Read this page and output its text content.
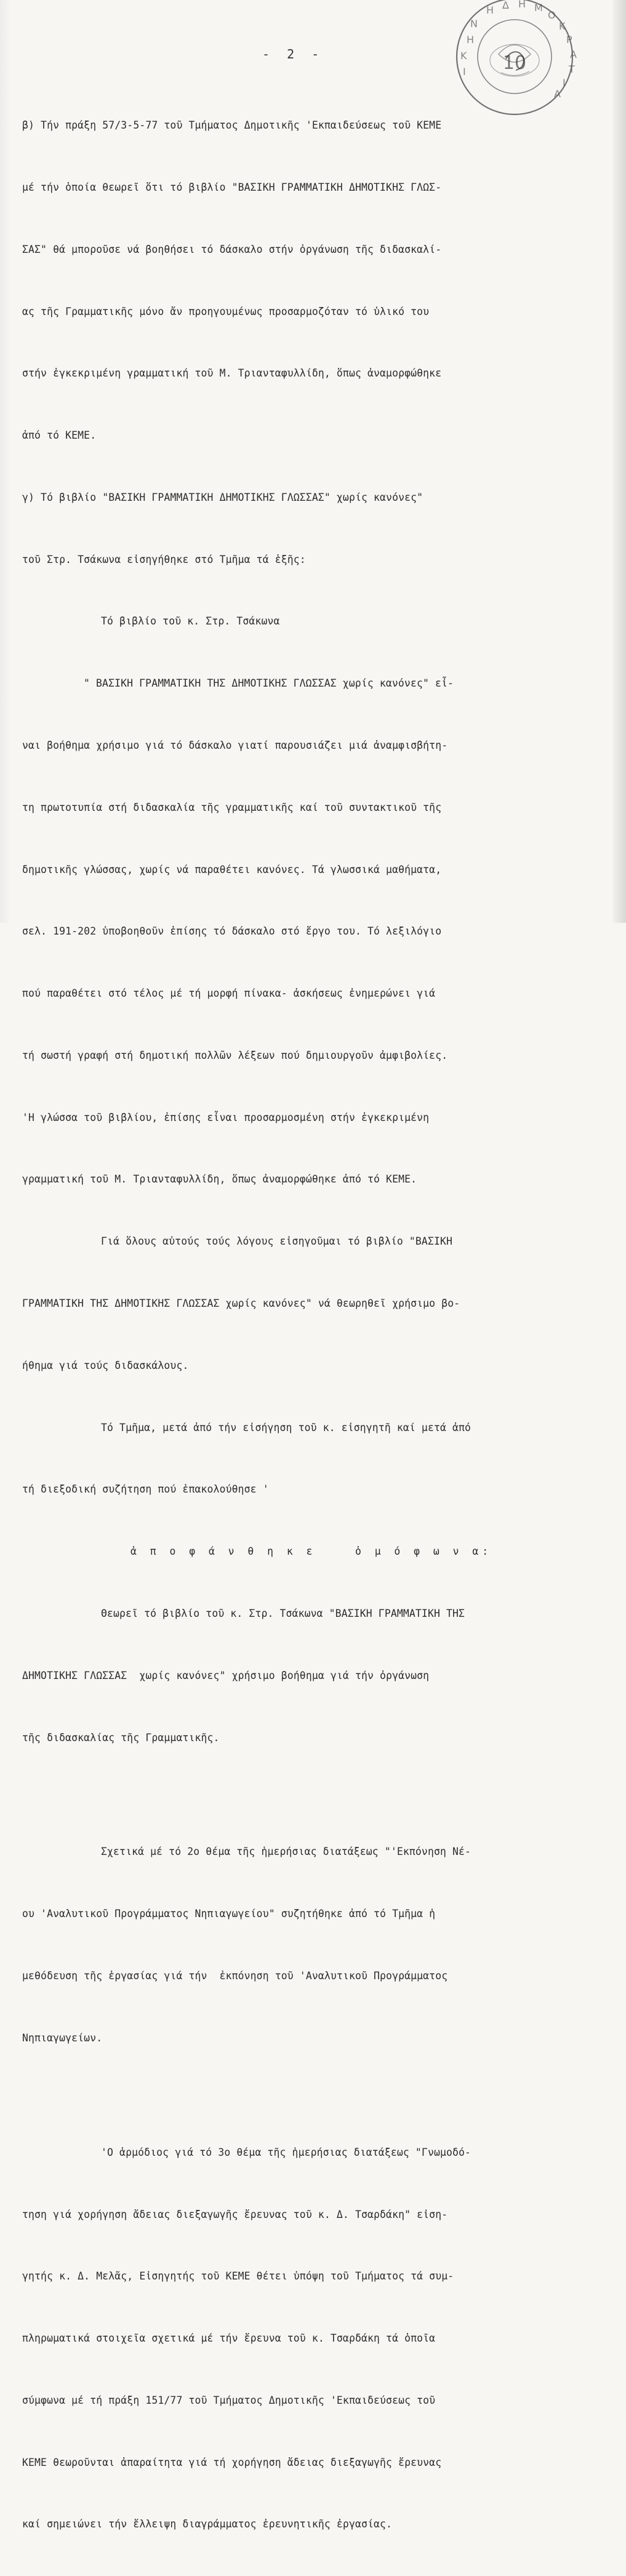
10
Η Δ Η Μ
Ο
Κ
Ρ
Α
Τ
Ι
Α
Η
Κ
Ι
Ν
- 2 -

β) Τήν πράξη 57/3-5-77 τοῦ Τμήματος Δημοτικῆς 'Εκπαιδεύσεως τοῦ ΚΕΜΕ

μέ τήν ὁποία θεωρεῖ ὅτι τό βιβλίο "ΒΑΣΙΚΗ ΓΡΑΜΜΑΤΙΚΗ ΔΗΜΟΤΙΚΗΣ ΓΛΩΣ-

ΣΑΣ" θά μποροῦσε νά βοηθήσει τό δάσκαλο στήν ὀργάνωση τῆς διδασκαλί-

ας τῆς Γραμματικῆς μόνο ἄν προηγουμένως προσαρμοζόταν τό ὑλικό του

στήν ἐγκεκριμένη γραμματική τοῦ Μ. Τριανταφυλλίδη, ὅπως ἀναμορφώθηκε

ἀπό τό ΚΕΜΕ.

γ) Τό βιβλίο "ΒΑΣΙΚΗ ΓΡΑΜΜΑΤΙΚΗ ΔΗΜΟΤΙΚΗΣ ΓΛΩΣΣΑΣ" χωρίς κανόνες"

τοῦ Στρ. Τσάκωνα εἰσηγήθηκε στό Τμῆμα τά ἑξῆς:

Τό βιβλίο τοῦ κ. Στρ. Τσάκωνα

" ΒΑΣΙΚΗ ΓΡΑΜΜΑΤΙΚΗ ΤΗΣ ΔΗΜΟΤΙΚΗΣ ΓΛΩΣΣΑΣ χωρίς κανόνες" εἶ-

ναι βοήθημα χρήσιμο γιά τό δάσκαλο γιατί παρουσιάζει μιά ἀναμφισβήτη-

τη πρωτοτυπία στή διδασκαλία τῆς γραμματικῆς καί τοῦ συντακτικοῦ τῆς

δημοτικῆς γλώσσας, χωρίς νά παραθέτει κανόνες. Τά γλωσσικά μαθήματα,

σελ. 191-202 ὑποβοηθοῦν ἐπίσης τό δάσκαλο στό ἔργο του. Τό λεξιλόγιο

πού παραθέτει στό τέλος μέ τή μορφή πίνακα- ἀσκήσεως ἐνημερώνει γιά

τή σωστή γραφή στή δημοτική πολλῶν λέξεων πού δημιουργοῦν ἀμφιβολίες.

'Η γλώσσα τοῦ βιβλίου, ἐπίσης εἶναι προσαρμοσμένη στήν ἐγκεκριμένη

γραμματική τοῦ Μ. Τριανταφυλλίδη, ὅπως ἀναμορφώθηκε ἀπό τό ΚΕΜΕ.

Γιά ὅλους αὐτούς τούς λόγους εἰσηγοῦμαι τό βιβλίο "ΒΑΣΙΚΗ

ΓΡΑΜΜΑΤΙΚΗ ΤΗΣ ΔΗΜΟΤΙΚΗΣ ΓΛΩΣΣΑΣ χωρίς κανόνες" νά θεωρηθεῖ χρήσιμο βο-

ήθημα γιά τούς διδασκάλους.

Τό Τμῆμα, μετά ἀπό τήν εἰσήγηση τοῦ κ. εἰσηγητῆ καί μετά ἀπό

τή διεξοδική συζήτηση πού ἐπακολούθησε '

ἀ π ο φ ά ν θ η κ ε    ὁ μ ό φ ω ν α:

Θεωρεῖ τό βιβλίο τοῦ κ. Στρ. Τσάκωνα "ΒΑΣΙΚΗ ΓΡΑΜΜΑΤΙΚΗ ΤΗΣ

ΔΗΜΟΤΙΚΗΣ ΓΛΩΣΣΑΣ  χωρίς κανόνες" χρήσιμο βοήθημα γιά τήν ὀργάνωση

τῆς διδασκαλίας τῆς Γραμματικῆς.

Σχετικά μέ τό 2ο θέμα τῆς ἡμερήσιας διατάξεως "'Εκπόνηση Νέ-

ου 'Αναλυτικοῦ Προγράμματος Νηπιαγωγείου" συζητήθηκε ἀπό τό Τμῆμα ἡ

μεθόδευση τῆς ἐργασίας γιά τήν  ἐκπόνηση τοῦ 'Αναλυτικοῦ Προγράμματος

Νηπιαγωγείων.

'Ο ἁρμόδιος γιά τό 3ο θέμα τῆς ἡμερήσιας διατάξεως "Γνωμοδό-

τηση γιά χορήγηση ἄδειας διεξαγωγῆς ἔρευνας τοῦ κ. Δ. Τσαρδάκη" εἰση-

γητής κ. Δ. Μελᾶς, Εἰσηγητής τοῦ ΚΕΜΕ θέτει ὑπόψη τοῦ Τμήματος τά συμ-

πληρωματικά στοιχεῖα σχετικά μέ τήν ἔρευνα τοῦ κ. Τσαρδάκη τά ὁποῖα

σύμφωνα μέ τή πράξη 151/77 τοῦ Τμήματος Δημοτικῆς 'Εκπαιδεύσεως τοῦ

ΚΕΜΕ θεωροῦνται ἀπαραίτητα γιά τή χορήγηση ἄδειας διεξαγωγῆς ἔρευνας

καί σημειώνει τήν ἔλλειψη διαγράμματος ἐρευνητικῆς ἐργασίας.
